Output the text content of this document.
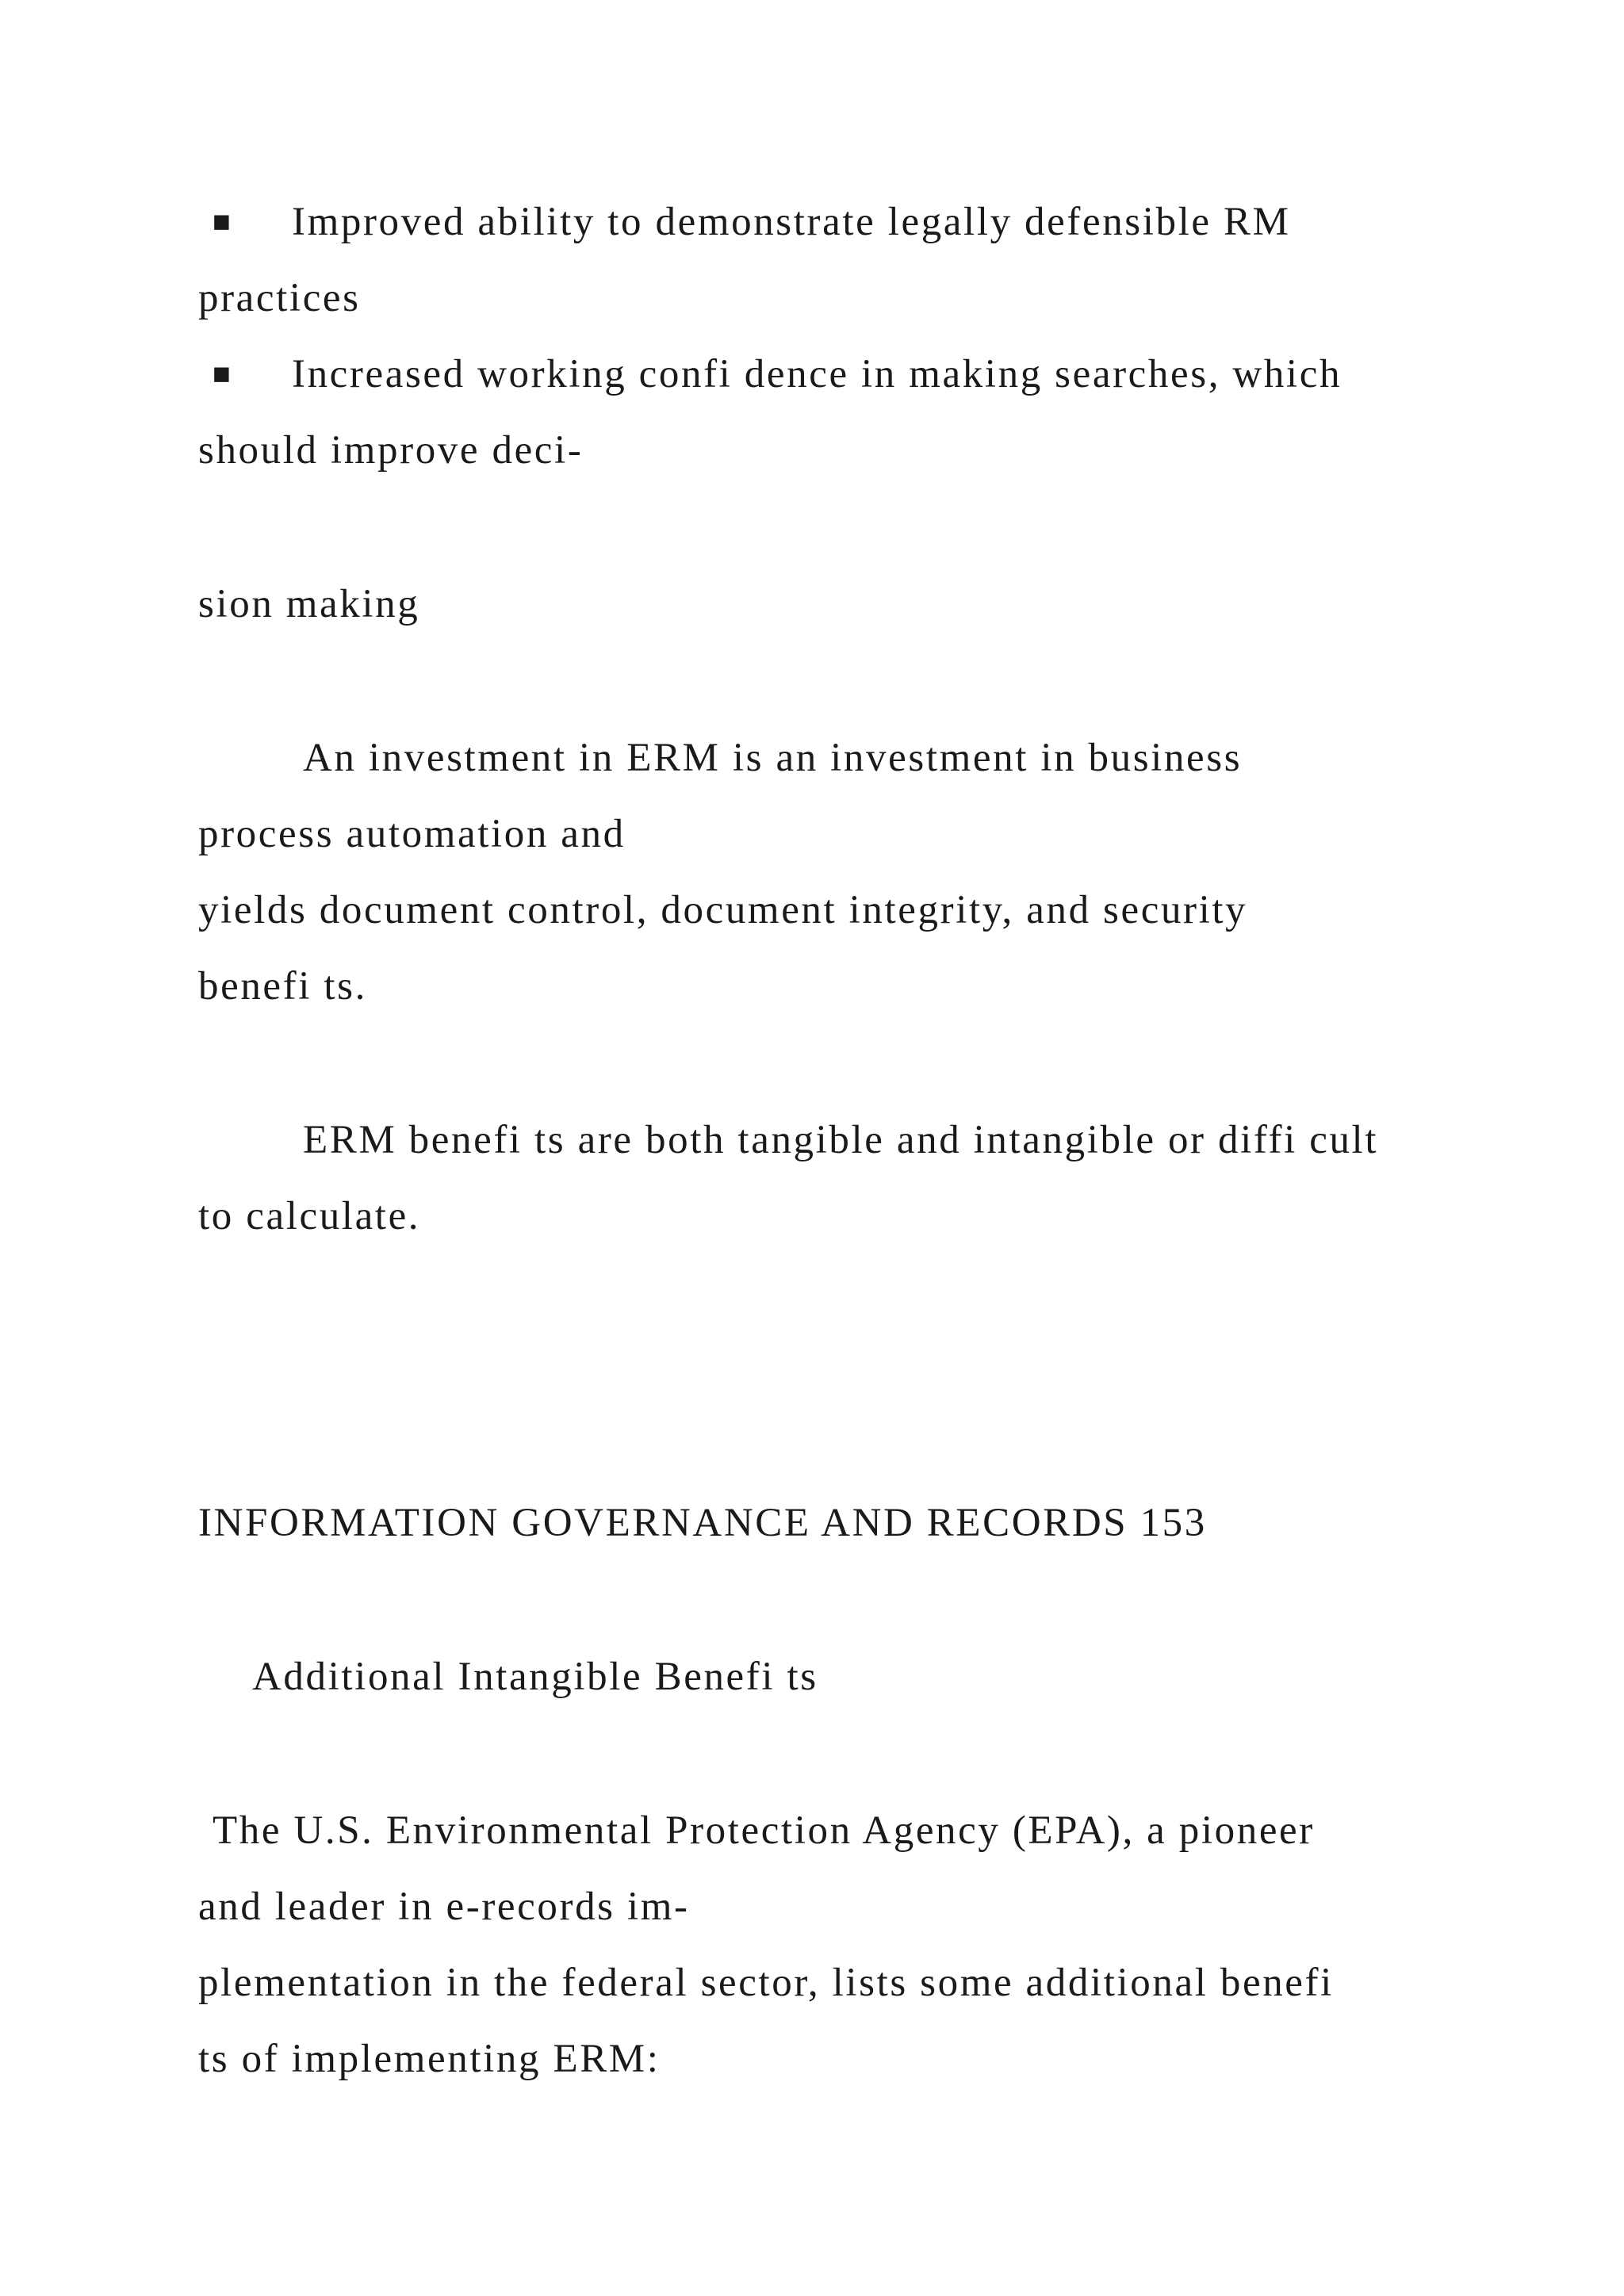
■ Improved ability to demonstrate legally defensible RM
practices
■ Increased working confi dence in making searches, which
should improve deci-
sion making
An investment in ERM is an investment in business
process automation and
yields document control, document integrity, and security
benefi ts.
ERM benefi ts are both tangible and intangible or diffi cult
to calculate.
INFORMATION GOVERNANCE AND RECORDS 153
Additional Intangible Benefi ts
The U.S. Environmental Protection Agency (EPA), a pioneer
and leader in e-records im-
plementation in the federal sector, lists some additional benefi
ts of implementing ERM:
